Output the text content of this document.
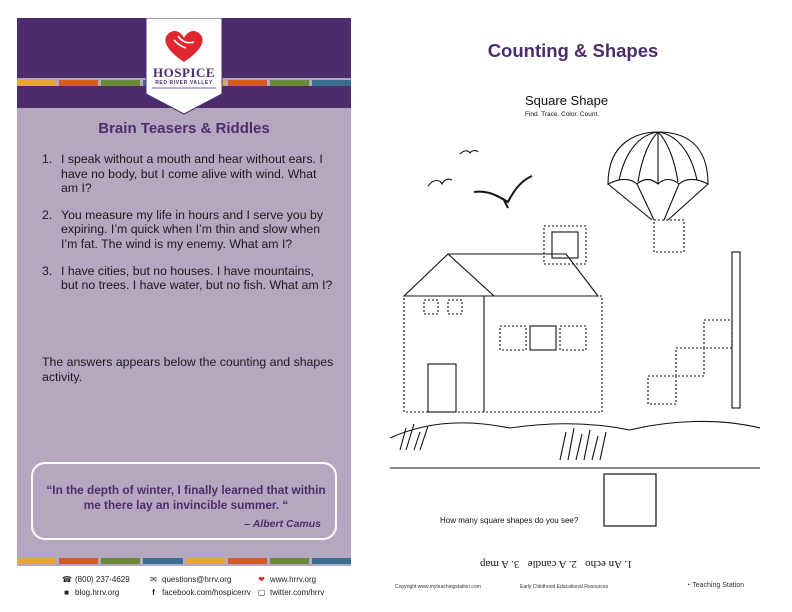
HOSPICE
RED RIVER VALLEY
Brain Teasers & Riddles
1. I speak without a mouth and hear without ears. I have no body, but I come alive with wind. What am I?
2. You measure my life in hours and I serve you by expiring. I’m quick when I’m thin and slow when I’m fat. The wind is my enemy. What am I?
3. I have cities, but no houses. I have mountains, but no trees. I have water, but no fish. What am I?
The answers appears below the counting and shapes activity.
“In the depth of winter, I finally learned that within me there lay an invincible summer. “
– Albert Camus
☎ (800) 237-4629	✉ questions@hrrv.org	❤ www.hrrv.org
■ blog.hrrv.org	f facebook.com/hospicerrv ▢ twitter.com/hrrv
Counting & Shapes
Square Shape
Find. Trace. Color. Count.
How many square shapes do you see?
1. An echo   2. A candle   3. A map
Copyright www.myteachingstation.com	Early Childhood Educational Resources	◔ Teaching Station
